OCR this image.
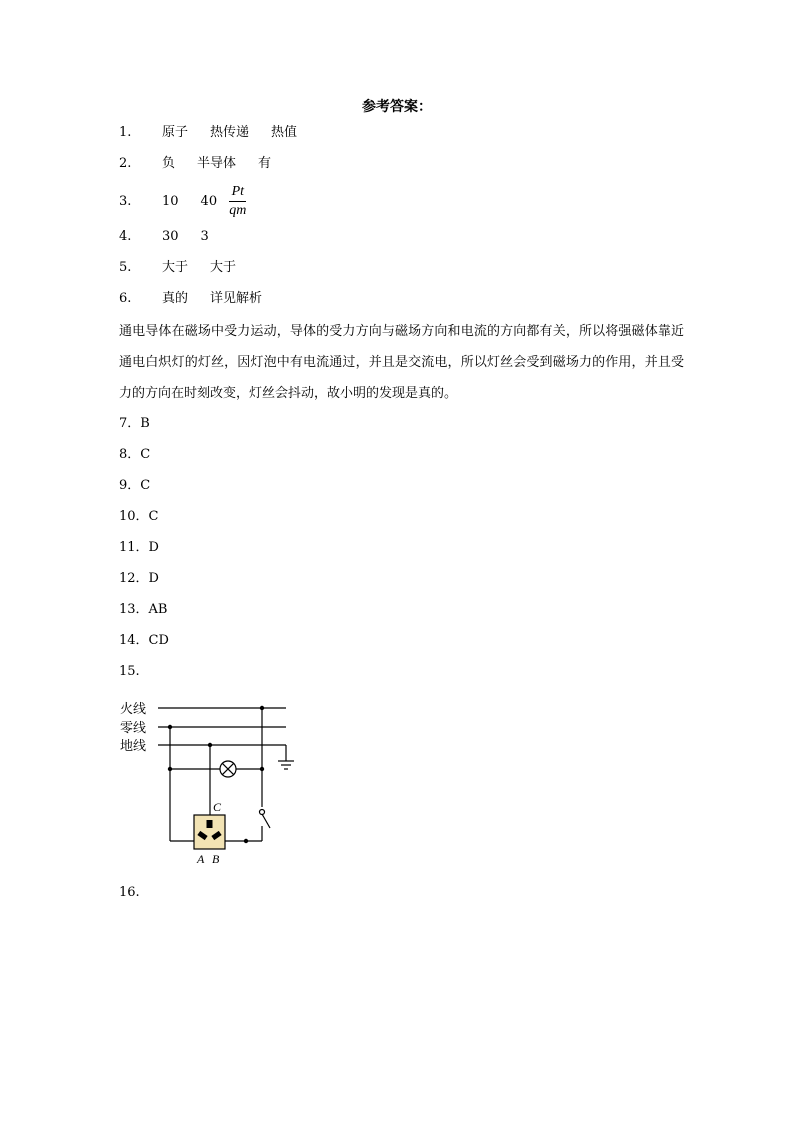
参考答案：
1. 原子 热传递 热值
2. 负 半导体 有
3. 10 $40 \frac{Pt}{qm}$
4. 30 3
5. 大于 大于
6. 真的 详见解析
通电导体在磁场中受力运动，导体的受力方向与磁场方向和电流的方向都有关，所以将强磁体靠近通电白炽灯的灯丝，因灯泡中有电流通过，并且是交流电，所以灯丝会受到磁场力的作用，并且受力的方向在时刻改变，灯丝会抖动，故小明的发现是真的。
7．B
8．C
9．C
10．C
11．D
12．D
13．AB
14．CD
15.
火线
零线
地线
C
A B
16.
